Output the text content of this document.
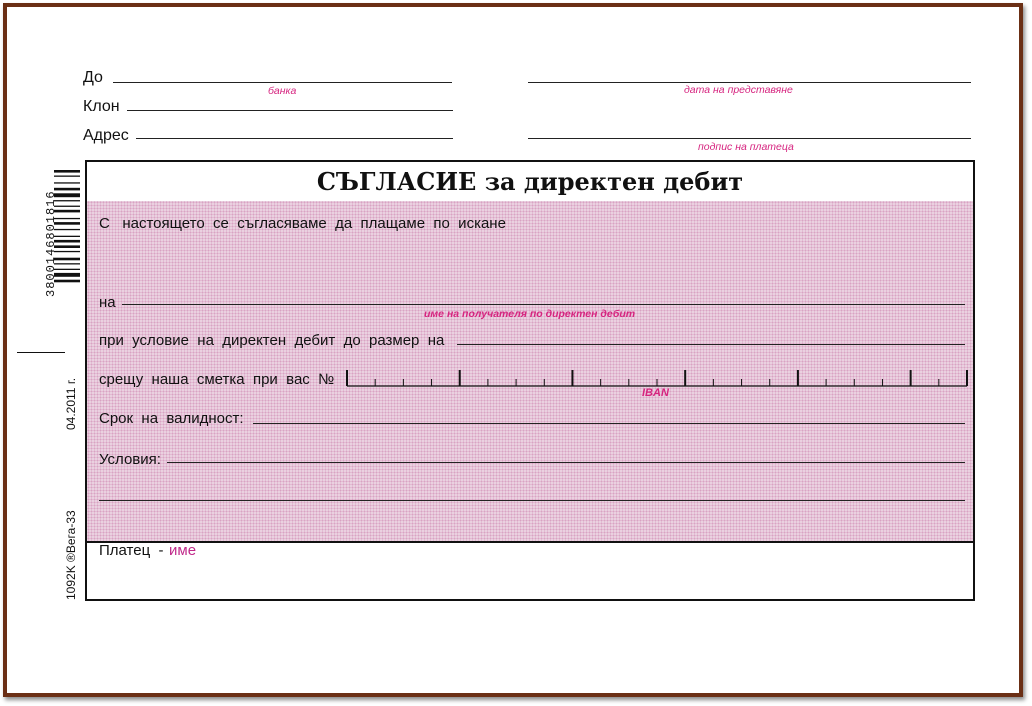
До
банка
Клон
Адрес
дата на представяне
подпис на платеца
3800146801816
04.2011 г.
1092K ®Вега-33
СЪГЛАСИЕ за директен дебит
С   настоящето  се  съгласяваме  да  плащаме  по  искане
на
име на получателя по директен дебит
при  условие  на  директен  дебит  до  размер  на
срещу  наша  сметка  при  вас  №
IBAN
Срок  на  валидност:
Условия:
Платец  - име
